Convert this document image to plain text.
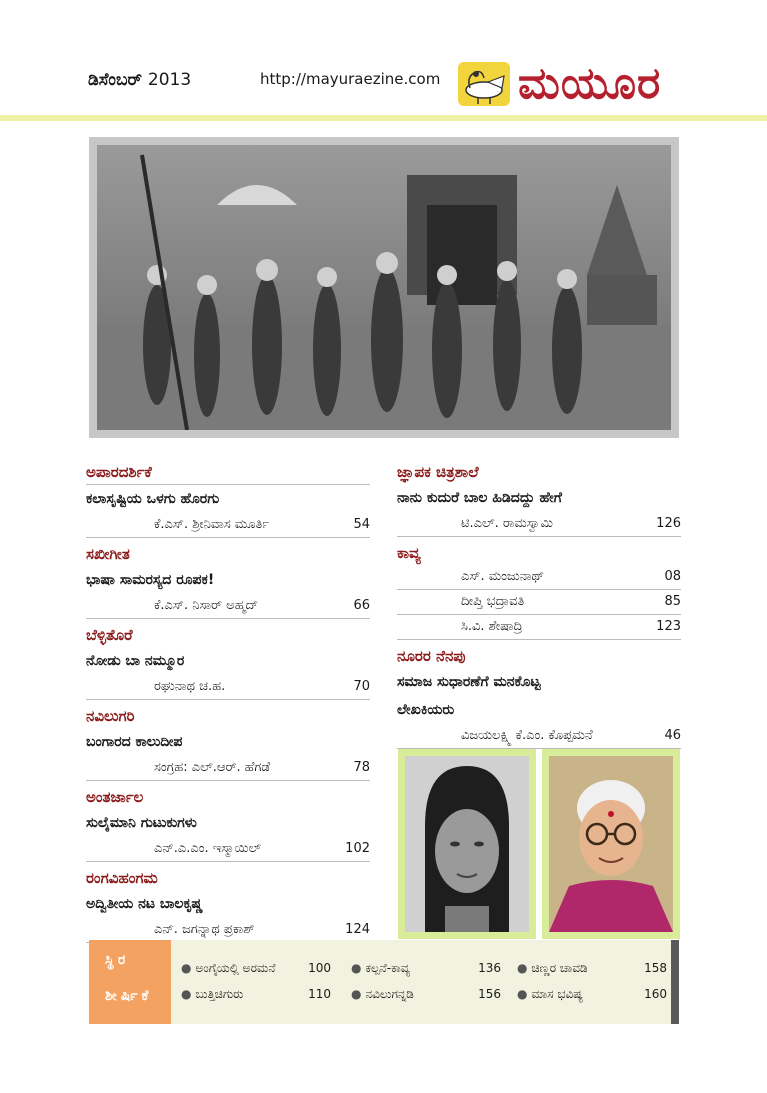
ಡಿಸೆಂಬರ್ 2013	http://mayuraezine.com ಮಯೂರ
ಅಪಾರದರ್ಶಿಕೆ
ಕಲಾಸೃಷ್ಟಿಯ ಒಳಗು ಹೊರಗು
ಕೆ.ಎಸ್. ಶ್ರೀನಿವಾಸ ಮೂರ್ತಿ	54
ಸಖೀಗೀತ
ಭಾಷಾ ಸಾಮರಸ್ಯದ ರೂಪಕ!
ಕೆ.ಎಸ್. ನಿಸಾರ್ ಅಹ್ಮದ್	66
ಬೆಳ್ಳಿತೊರೆ
ನೋಡು ಬಾ ನಮ್ಮೂರ
ರಘುನಾಥ ಚ.ಹ.	70
ನವಿಲುಗರಿ
ಬಂಗಾರದ ಕಾಲುದೀಪ
ಸಂಗ್ರಹ: ಎಲ್.ಆರ್. ಹೆಗಡೆ	78
ಅಂತರ್ಜಾಲ
ಸುಲೈಮಾನಿ ಗುಟುಕುಗಳು
ಎನ್.ಎ.ಎಂ. ಇಸ್ಮಾಯಿಲ್	102
ರಂಗವಿಹಂಗಮ
ಅದ್ವಿತೀಯ ನಟ ಬಾಲಕೃಷ್ಣ
ಎನ್. ಜಗನ್ನಾಥ ಪ್ರಕಾಶ್	124
ಜ್ಞಾಪಕ ಚಿತ್ರಶಾಲೆ
ನಾನು ಕುದುರೆ ಬಾಲ ಹಿಡಿದದ್ದು ಹೇಗೆ
ಟಿ.ಎಲ್. ರಾಮಸ್ವಾಮಿ	126
ಕಾವ್ಯ
ಎಸ್. ಮಂಜುನಾಥ್	08
ದೀಪ್ತಿ ಭದ್ರಾವತಿ	85
ಸಿ.ವಿ. ಶೇಷಾದ್ರಿ	123
ನೂರರ ನೆನಪು
ಸಮಾಜ ಸುಧಾರಣೆಗೆ ಮನಕೊಟ್ಟ
ಲೇಖಕಿಯರು
ವಿಜಯಲಕ್ಷ್ಮಿ ಕೆ.ಎಂ. ಕೊಪ್ಪಮನೆ	46
ಸ್ಥಿರ
ಶೀರ್ಷಿಕೆ
● ಅಂಗೈಯಲ್ಲಿ ಅರಮನೆ	100 ● ಕಲ್ಪನೆ-ಕಾವ್ಯ	136 ● ಚಿಣ್ಣರ ಚಾವಡಿ	158
● ಬುತ್ತಿಚಿಗುರು	110 ● ನವಿಲುಗನ್ನಡಿ	156 ● ಮಾಸ ಭವಿಷ್ಯ	160
